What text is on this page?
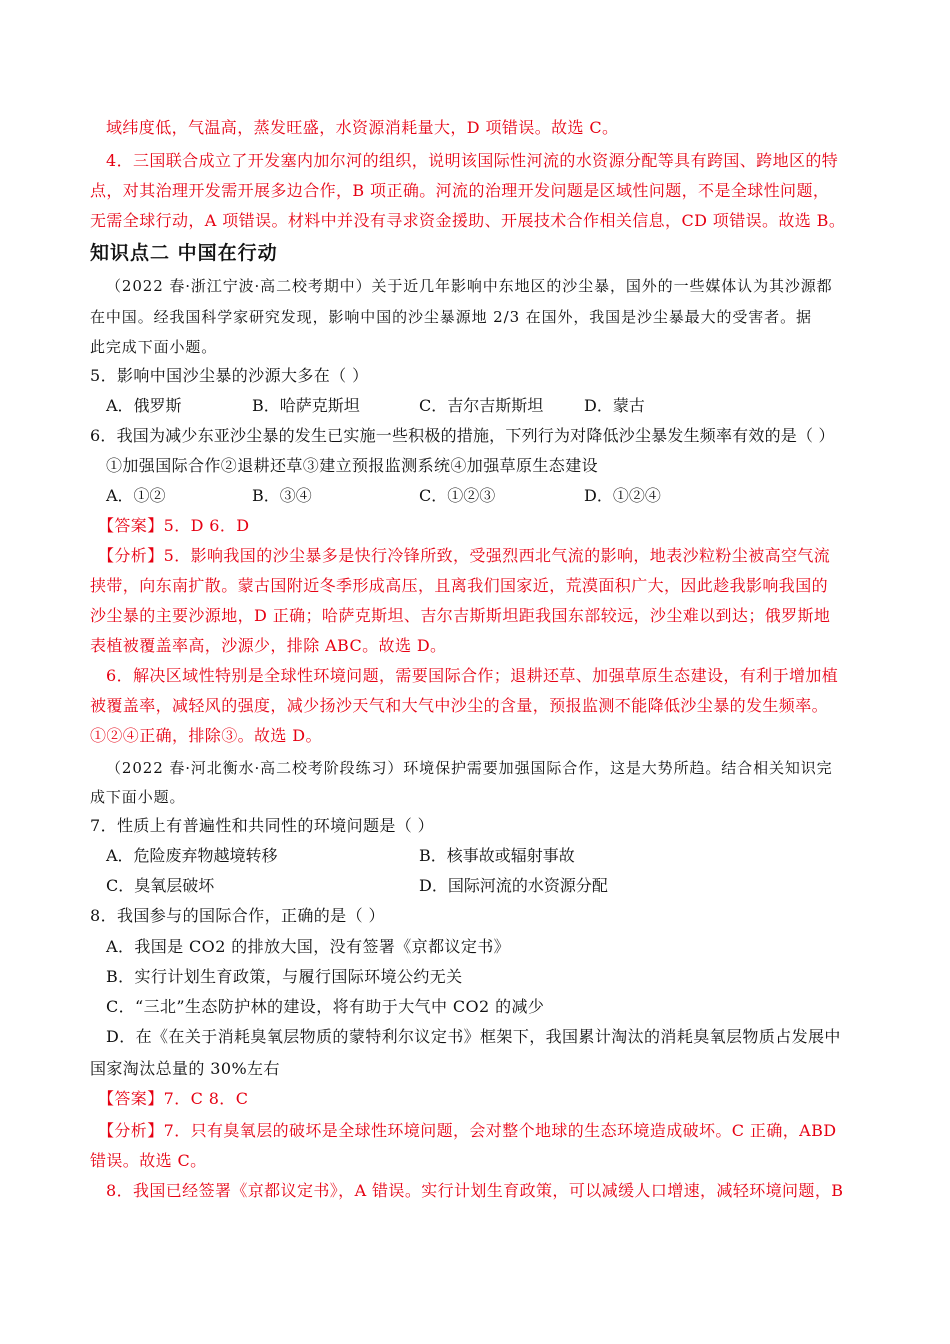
域纬度低，气温高，蒸发旺盛，水资源消耗量大，D 项错误。故选 C。
4．三国联合成立了开发塞内加尔河的组织，说明该国际性河流的水资源分配等具有跨国、跨地区的特
点，对其治理开发需开展多边合作，B 项正确。河流的治理开发问题是区域性问题，不是全球性问题，
无需全球行动，A 项错误。材料中并没有寻求资金援助、开展技术合作相关信息，CD 项错误。故选 B。
知识点二 中国在行动
（2022 春·浙江宁波·高二校考期中）关于近几年影响中东地区的沙尘暴，国外的一些媒体认为其沙源都
在中国。经我国科学家研究发现，影响中国的沙尘暴源地 2/3 在国外，我国是沙尘暴最大的受害者。据
此完成下面小题。
5．影响中国沙尘暴的沙源大多在（ ）
A．俄罗斯	B．哈萨克斯坦	C．吉尔吉斯斯坦	D．蒙古
6．我国为减少东亚沙尘暴的发生已实施一些积极的措施，下列行为对降低沙尘暴发生频率有效的是（ ）
①加强国际合作②退耕还草③建立预报监测系统④加强草原生态建设
A．①②	B．③④	C．①②③	D．①②④
【答案】5．D 6．D
【分析】5．影响我国的沙尘暴多是快行冷锋所致，受强烈西北气流的影响，地表沙粒粉尘被高空气流
挟带，向东南扩散。蒙古国附近冬季形成高压，且离我们国家近，荒漠面积广大，因此趁我影响我国的
沙尘暴的主要沙源地，D 正确；哈萨克斯坦、吉尔吉斯斯坦距我国东部较远，沙尘难以到达；俄罗斯地
表植被覆盖率高，沙源少，排除 ABC。故选 D。
6．解决区域性特别是全球性环境问题，需要国际合作；退耕还草、加强草原生态建设，有利于增加植
被覆盖率，减轻风的强度，减少扬沙天气和大气中沙尘的含量，预报监测不能降低沙尘暴的发生频率。
①②④正确，排除③。故选 D。
（2022 春·河北衡水·高二校考阶段练习）环境保护需要加强国际合作，这是大势所趋。结合相关知识完
成下面小题。
7．性质上有普遍性和共同性的环境问题是（ ）
A．危险废弃物越境转移	B．核事故或辐射事故
C．臭氧层破坏	D．国际河流的水资源分配
8．我国参与的国际合作，正确的是（ ）
A．我国是 CO2 的排放大国，没有签署《京都议定书》
B．实行计划生育政策，与履行国际环境公约无关
C．“三北”生态防护林的建设，将有助于大气中 CO2 的减少
D．在《在关于消耗臭氧层物质的蒙特利尔议定书》框架下，我国累计淘汰的消耗臭氧层物质占发展中
国家淘汰总量的 30%左右
【答案】7．C 8．C
【分析】7．只有臭氧层的破坏是全球性环境问题，会对整个地球的生态环境造成破坏。C 正确，ABD
错误。故选 C。
8．我国已经签署《京都议定书》，A 错误。实行计划生育政策，可以减缓人口增速，减轻环境问题，B
